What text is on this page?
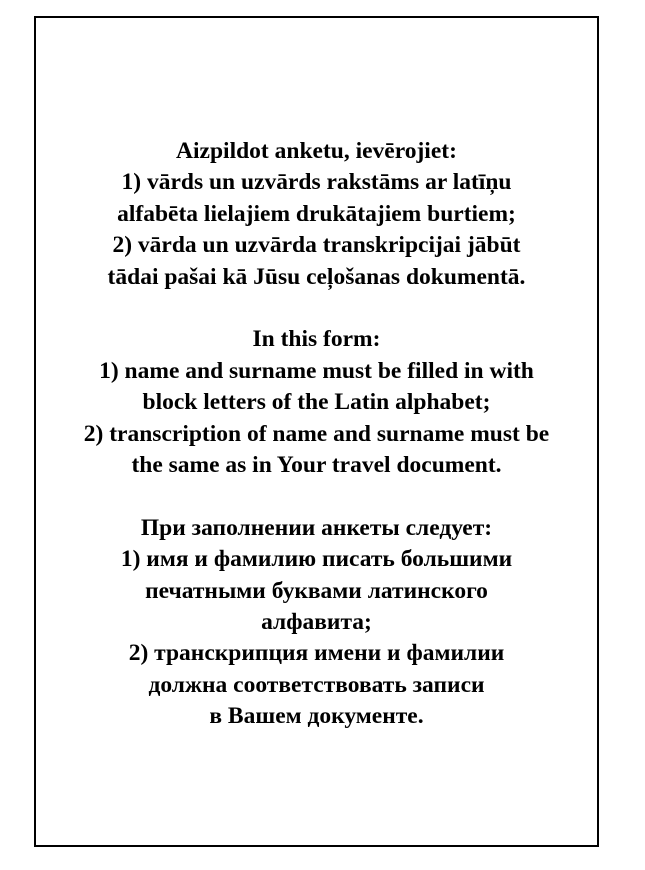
Aizpildot anketu, ievērojiet:
1) vārds un uzvārds rakstāms ar latīņu
alfabēta lielajiem drukātajiem burtiem;
2) vārda un uzvārda transkripcijai jābūt
tādai pašai kā Jūsu ceļošanas dokumentā.
In this form:
1) name and surname must be filled in with
block letters of the Latin alphabet;
2) transcription of name and surname must be
the same as in Your travel document.
При заполнении анкеты следует:
1) имя и фамилию писать большими
печатными буквами латинского
алфавита;
2) транскрипция имени и фамилии
должна соответствовать записи
в Вашем документе.
